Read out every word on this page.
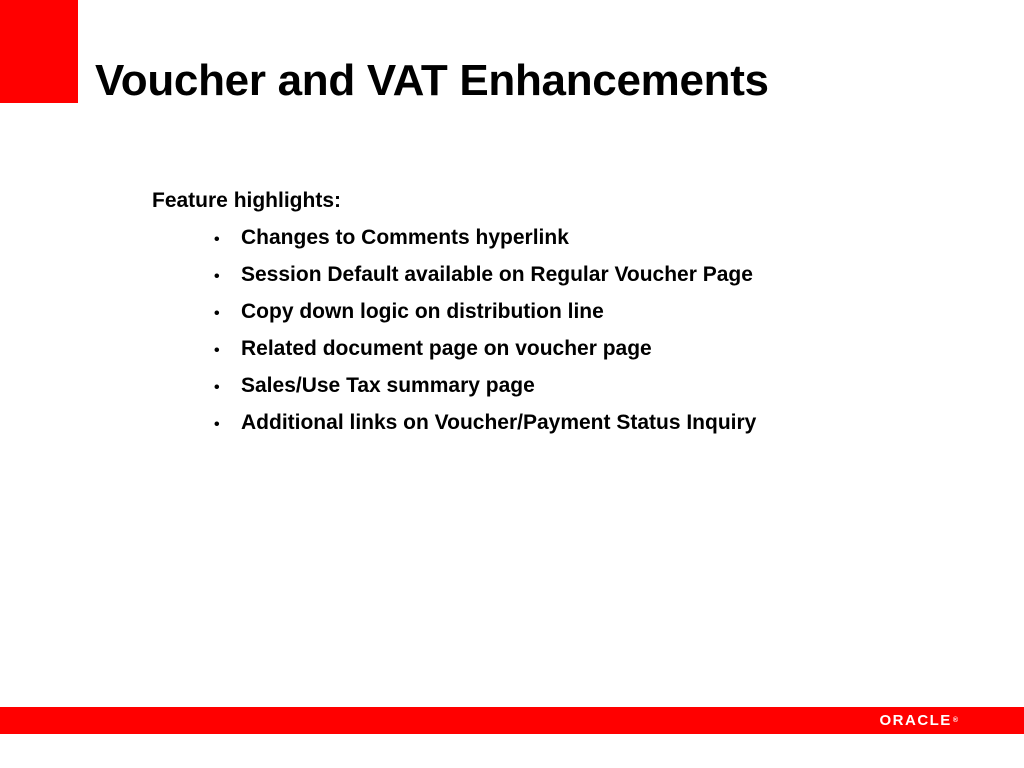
Voucher and VAT Enhancements
Feature highlights:
•	Changes to Comments hyperlink
•	Session Default available on Regular Voucher Page
•	Copy down logic on distribution line
•	Related document page on voucher page
•	Sales/Use Tax summary page
•	Additional links on Voucher/Payment Status Inquiry
ORACLE®
